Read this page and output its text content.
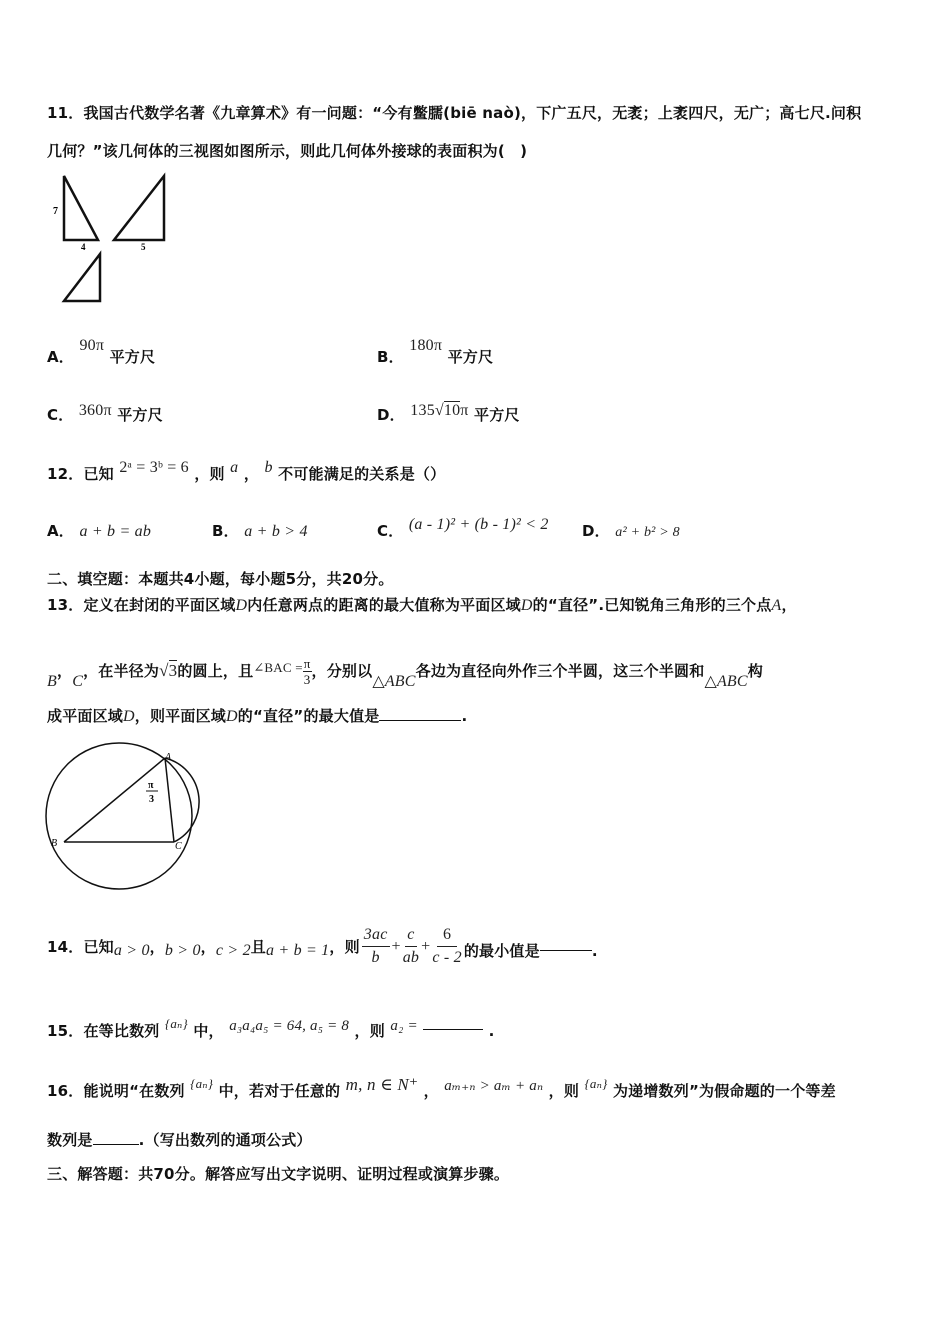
11．我国古代数学名著《九章算术》有一问题：“今有鳖臑(biē naò)，下广五尺，无袤；上袤四尺，无广；高七尺.问积
几何？”该几何体的三视图如图所示，则此几何体外接球的表面积为(　)
7
4	5
A． 90π 平方尺	B． 180π 平方尺
C． 360π 平方尺	D． 135√10π 平方尺
12．已知 2ᵃ = 3ᵇ = 6 ，则 a ， b 不可能满足的关系是（）
A． a + b = ab	B． a + b > 4	C． (a - 1)² + (b - 1)² < 2 D． a² + b² > 8
二、填空题：本题共4小题，每小题5分，共20分。
13．定义在封闭的平面区域D内任意两点的距离的最大值称为平面区域D的“直径”.已知锐角三角形的三个点A，
B，C，在半径为√3的圆上，且∠BAC = $\frac{\pi}{3}$ ，分别以△ABC各边为直径向外作三个半圆，这三个半圆和△ABC构
成平面区域D，则平面区域D的“直径”的最大值是	.
A
B	C
π
3
14．已知 a > 0 ， b > 0 ， c > 2 且 a + b = 1 ，则
3ac
b
+ $\frac{c}{ab} + \frac{6}{c - 2}$ 的最小值是	.
15．在等比数列 {aₙ} 中， a₃a₄a₅ = 64, a₅ = 8 ，则 a₂ =	.
16．能说明“在数列 {aₙ} 中，若对于任意的 m, n ∈ N⁺ ， aₘ₊ₙ > aₘ + aₙ ，则 {aₙ} 为递增数列”为假命题的一个等差
数列是	.（写出数列的通项公式）
三、解答题：共70分。解答应写出文字说明、证明过程或演算步骤。
